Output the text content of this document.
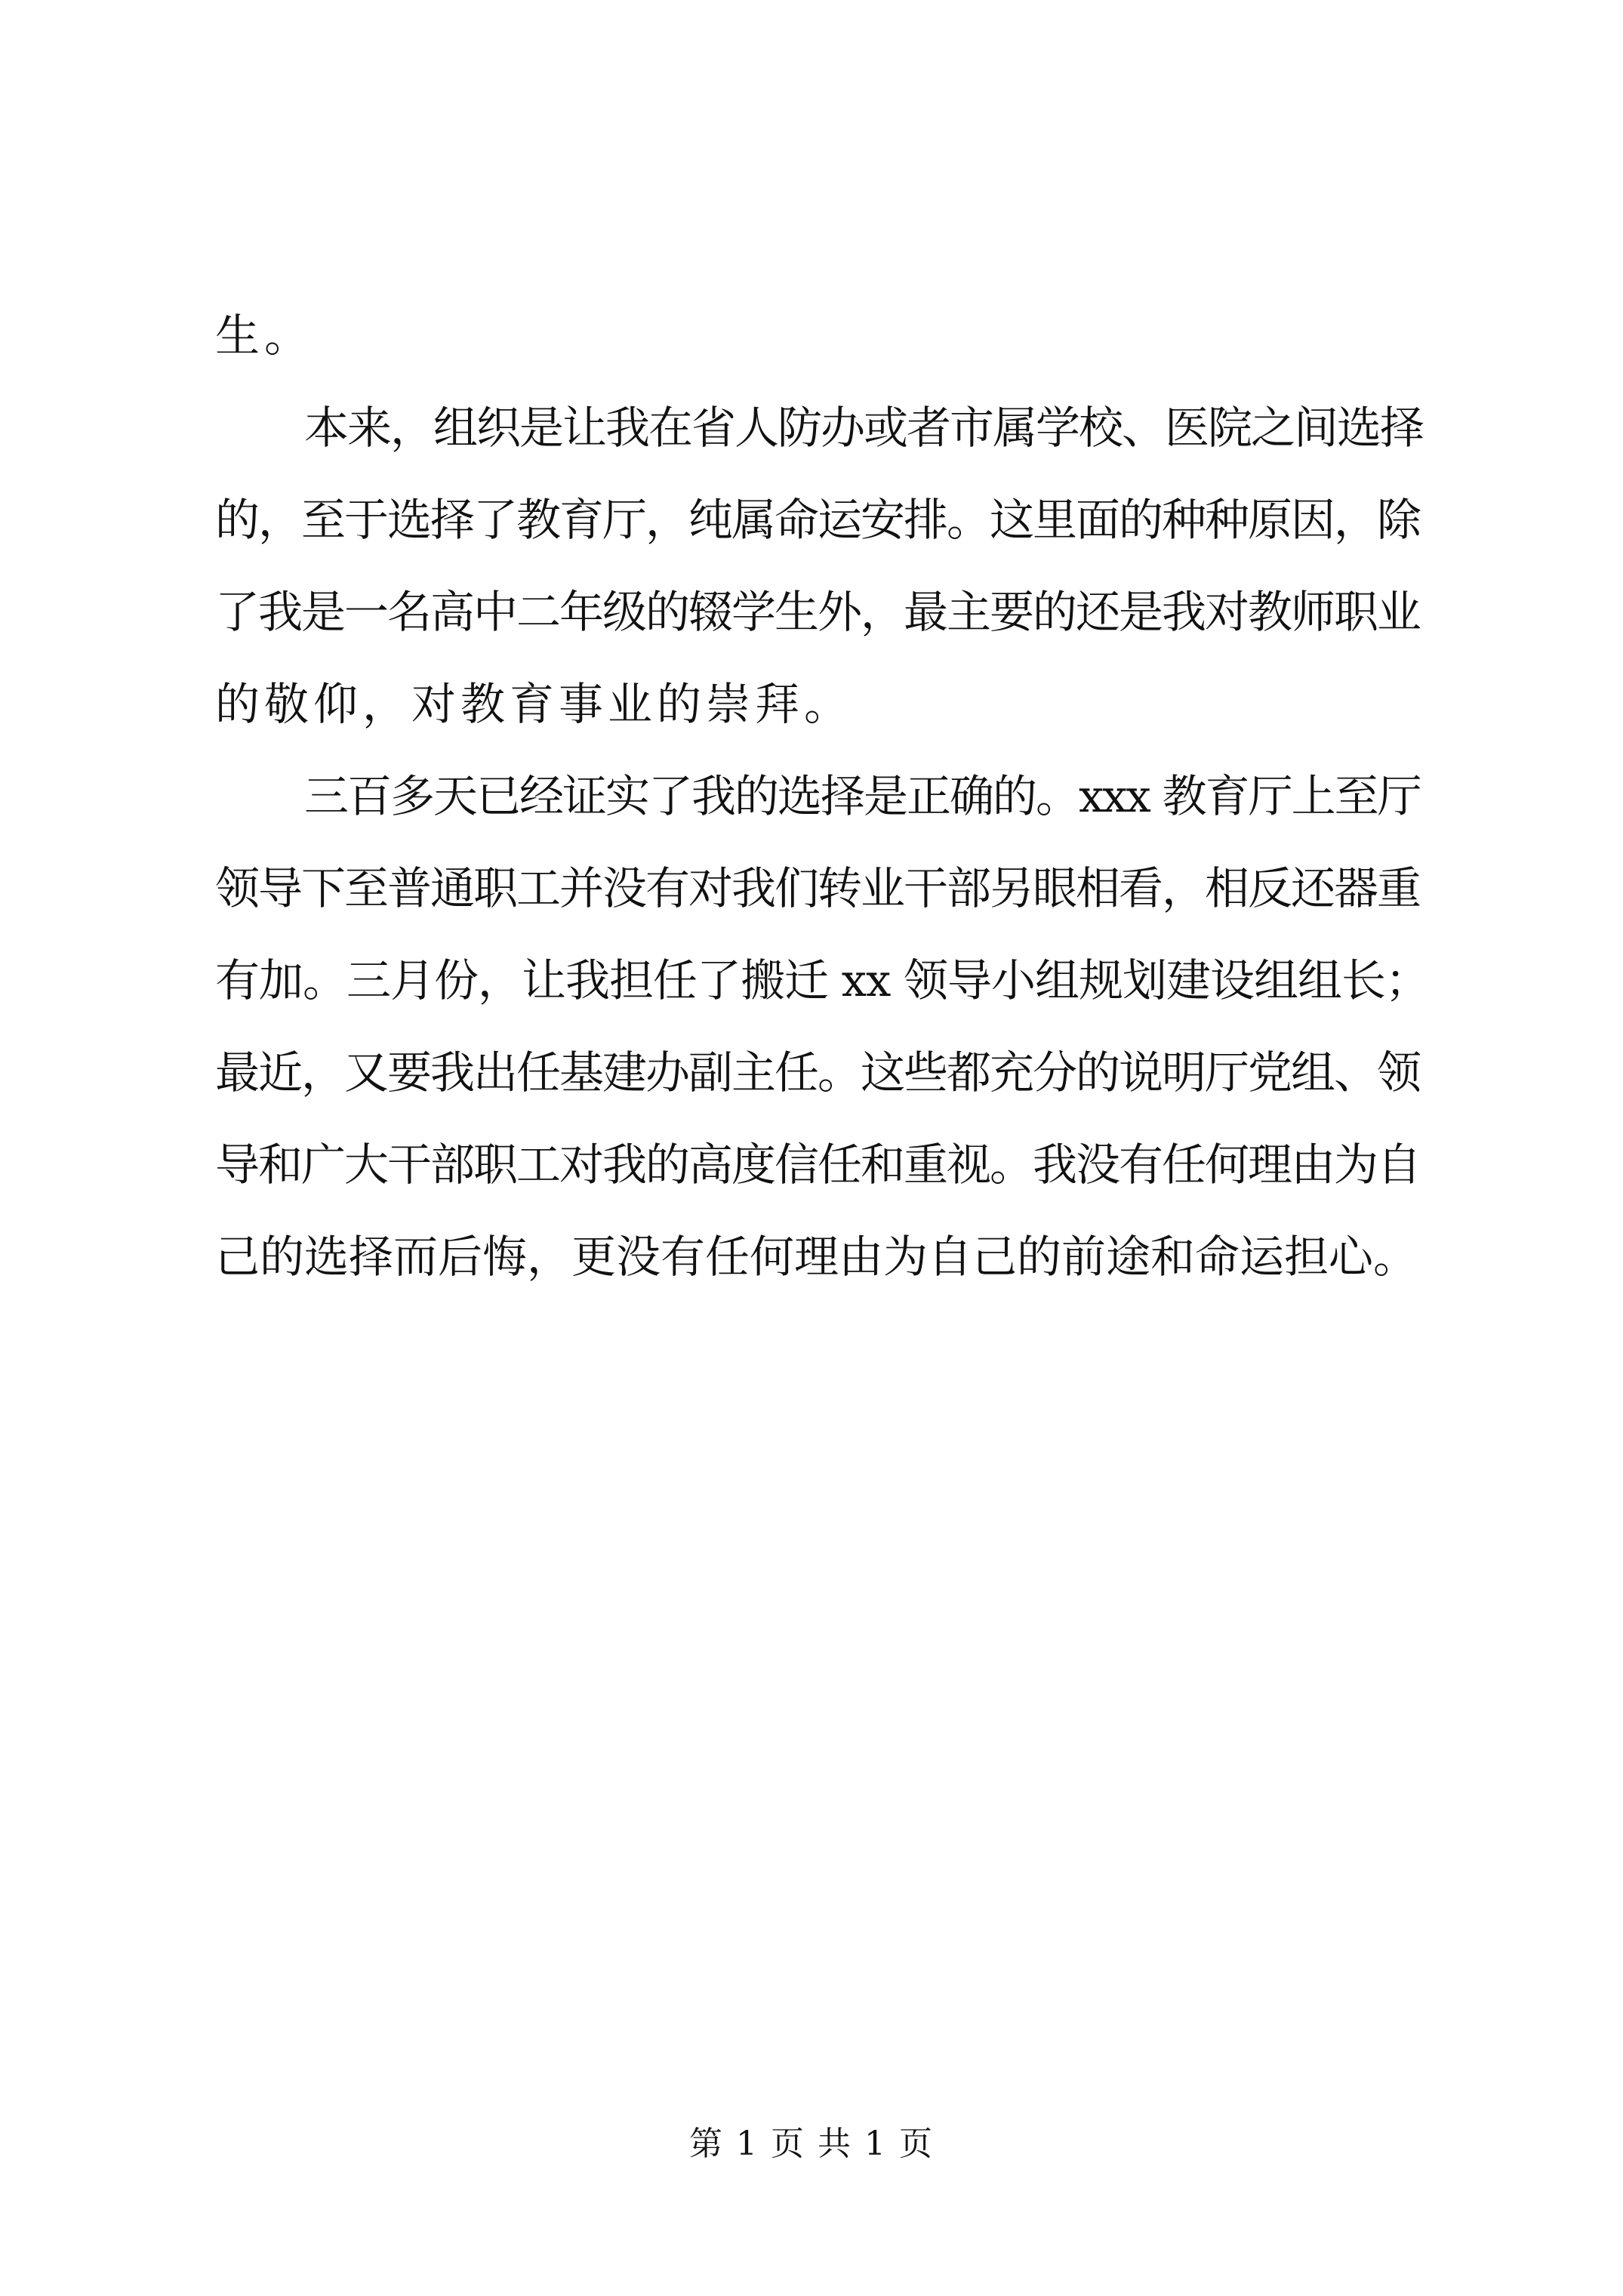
生。
本来，组织是让我在省人防办或者市属学校、医院之间选择
的，至于选择了教育厅，纯属命运安排。这里面的种种原因，除
了我是一名高中二年级的辍学生外，最主要的还是我对教师职业
的敬仰，对教育事业的崇拜。
三百多天已经证实了我的选择是正确的。xxx 教育厅上至厅
领导下至普通职工并没有对我们转业干部另眼相看，相反还器重
有加。三月份，让我担任了搬迁 xx 领导小组规划建设组组长；
最近，又要我出任基建办副主任。这些都充分的说明厅党组、领
导和广大干部职工对我的高度信任和重视。我没有任何理由为自
己的选择而后悔，更没有任何理由为自己的前途和命运担心。
第 1 页 共 1 页
